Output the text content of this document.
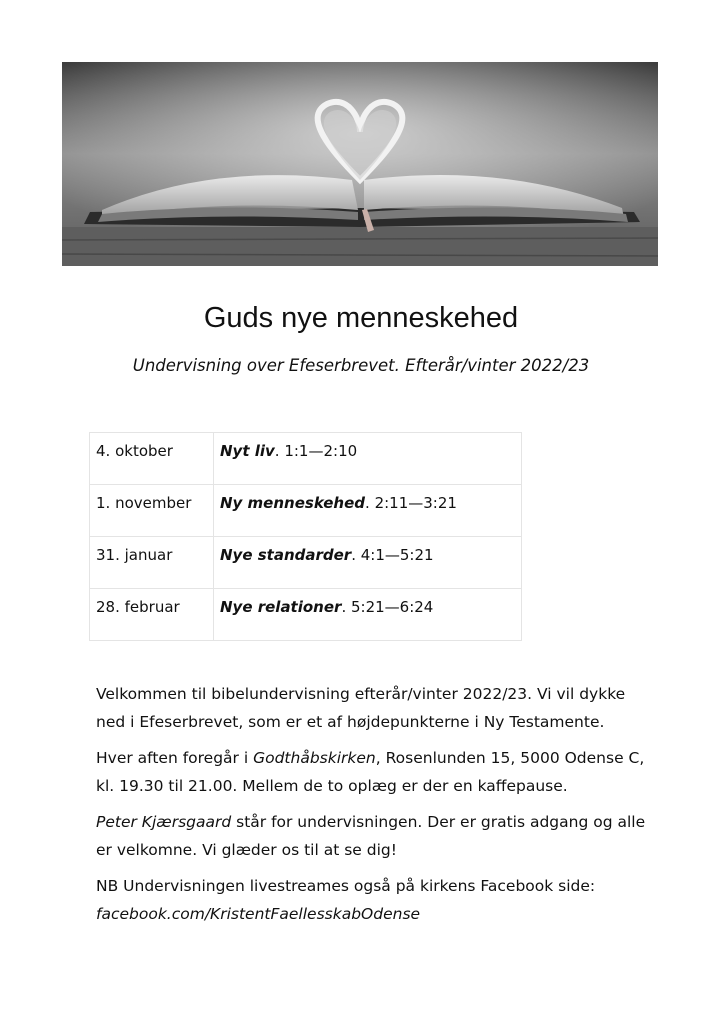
Guds nye menneskehed
Undervisning over Efeserbrevet. Efterår/vinter 2022/23
4. oktober	Nyt liv. 1:1—2:10
1. november	Ny menneskehed. 2:11—3:21
31. januar	Nye standarder. 4:1—5:21
28. februar	Nye relationer. 5:21—6:24

Velkommen til bibelundervisning efterår/vinter 2022/23. Vi vil dykke ned i Efeserbrevet, som er et af højdepunkterne i Ny Testamente.

Hver aften foregår i Godthåbskirken, Rosenlunden 15, 5000 Odense C, kl. 19.30 til 21.00. Mellem de to oplæg er der en kaffepause.

Peter Kjærsgaard står for undervisningen. Der er gratis adgang og alle er velkomne. Vi glæder os til at se dig!

NB Undervisningen livestreames også på kirkens Facebook side:
facebook.com/KristentFaellesskabOdense
